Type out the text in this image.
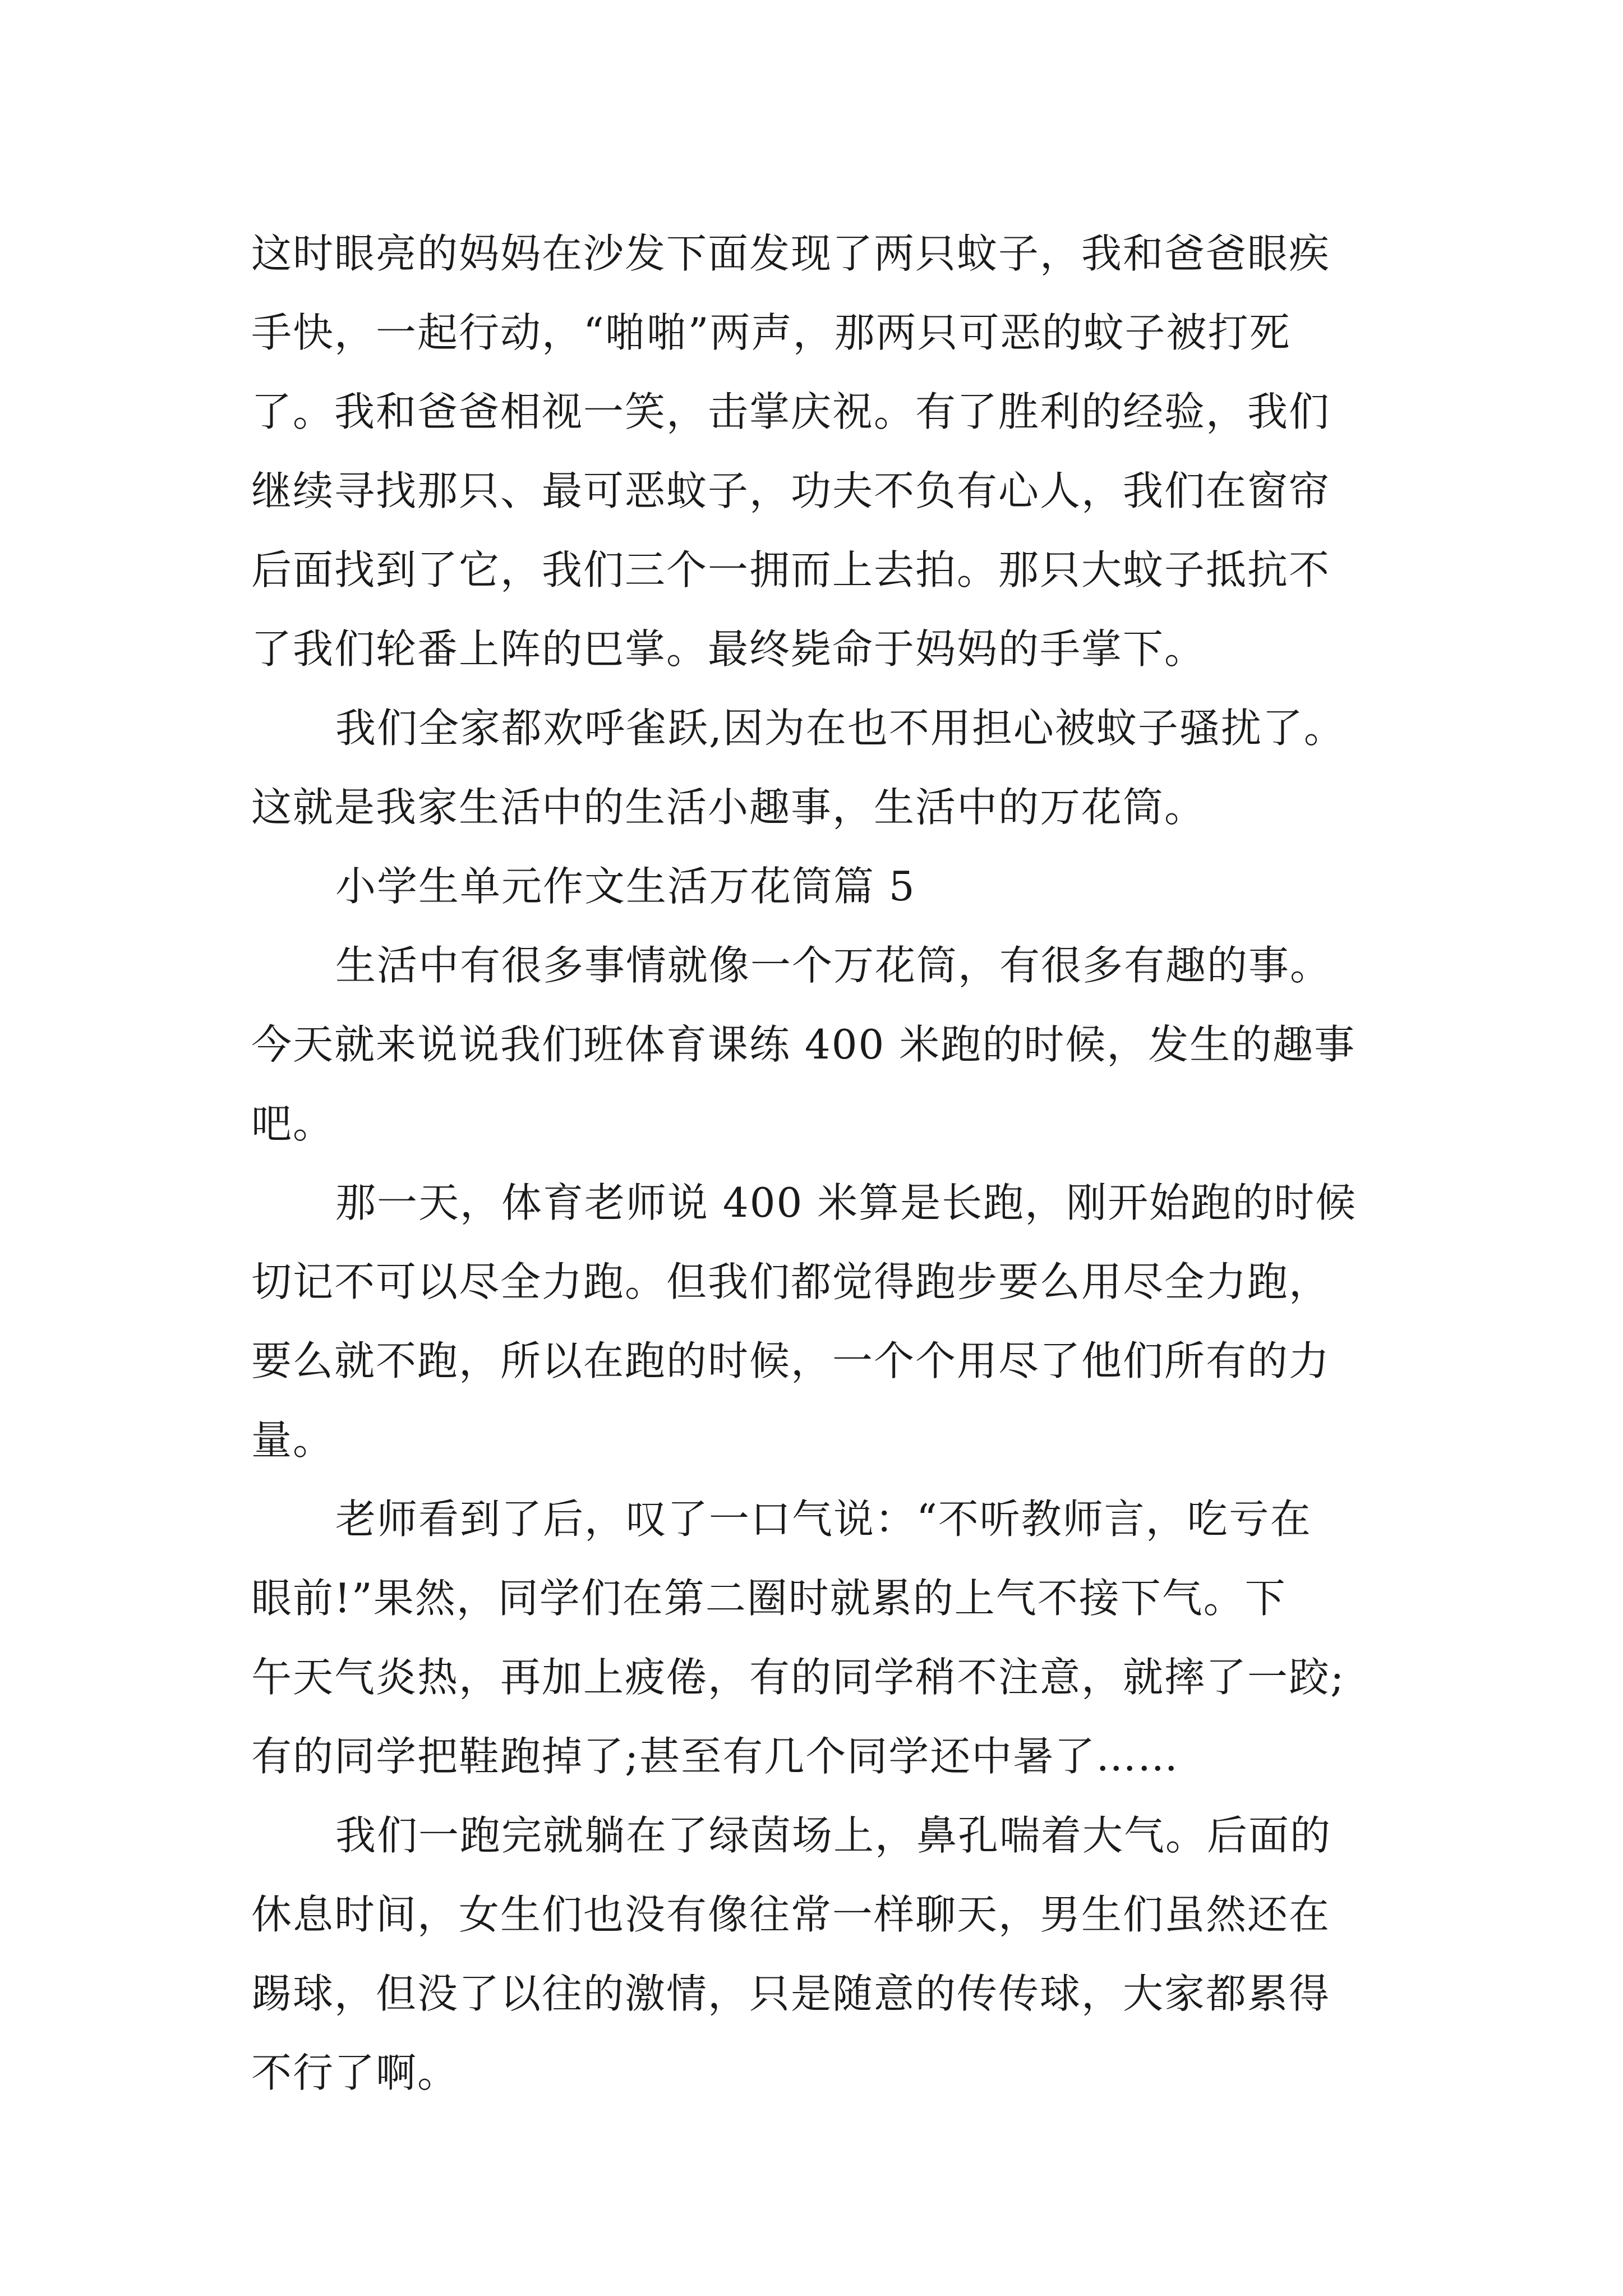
这时眼亮的妈妈在沙发下面发现了两只蚊子，我和爸爸眼疾
手快，一起行动，“啪啪”两声，那两只可恶的蚊子被打死
了。我和爸爸相视一笑，击掌庆祝。有了胜利的经验，我们
继续寻找那只、最可恶蚊子，功夫不负有心人，我们在窗帘
后面找到了它，我们三个一拥而上去拍。那只大蚊子抵抗不
了我们轮番上阵的巴掌。最终毙命于妈妈的手掌下。
我们全家都欢呼雀跃,因为在也不用担心被蚊子骚扰了。
这就是我家生活中的生活小趣事，生活中的万花筒。
小学生单元作文生活万花筒篇 5
生活中有很多事情就像一个万花筒，有很多有趣的事。
今天就来说说我们班体育课练 400 米跑的时候，发生的趣事
吧。
那一天，体育老师说 400 米算是长跑，刚开始跑的时候
切记不可以尽全力跑。但我们都觉得跑步要么用尽全力跑，
要么就不跑，所以在跑的时候，一个个用尽了他们所有的力
量。
老师看到了后，叹了一口气说：“不听教师言，吃亏在
眼前!”果然，同学们在第二圈时就累的上气不接下气。下
午天气炎热，再加上疲倦，有的同学稍不注意，就摔了一跤;
有的同学把鞋跑掉了;甚至有几个同学还中暑了……
我们一跑完就躺在了绿茵场上，鼻孔喘着大气。后面的
休息时间，女生们也没有像往常一样聊天，男生们虽然还在
踢球，但没了以往的激情，只是随意的传传球，大家都累得
不行了啊。
